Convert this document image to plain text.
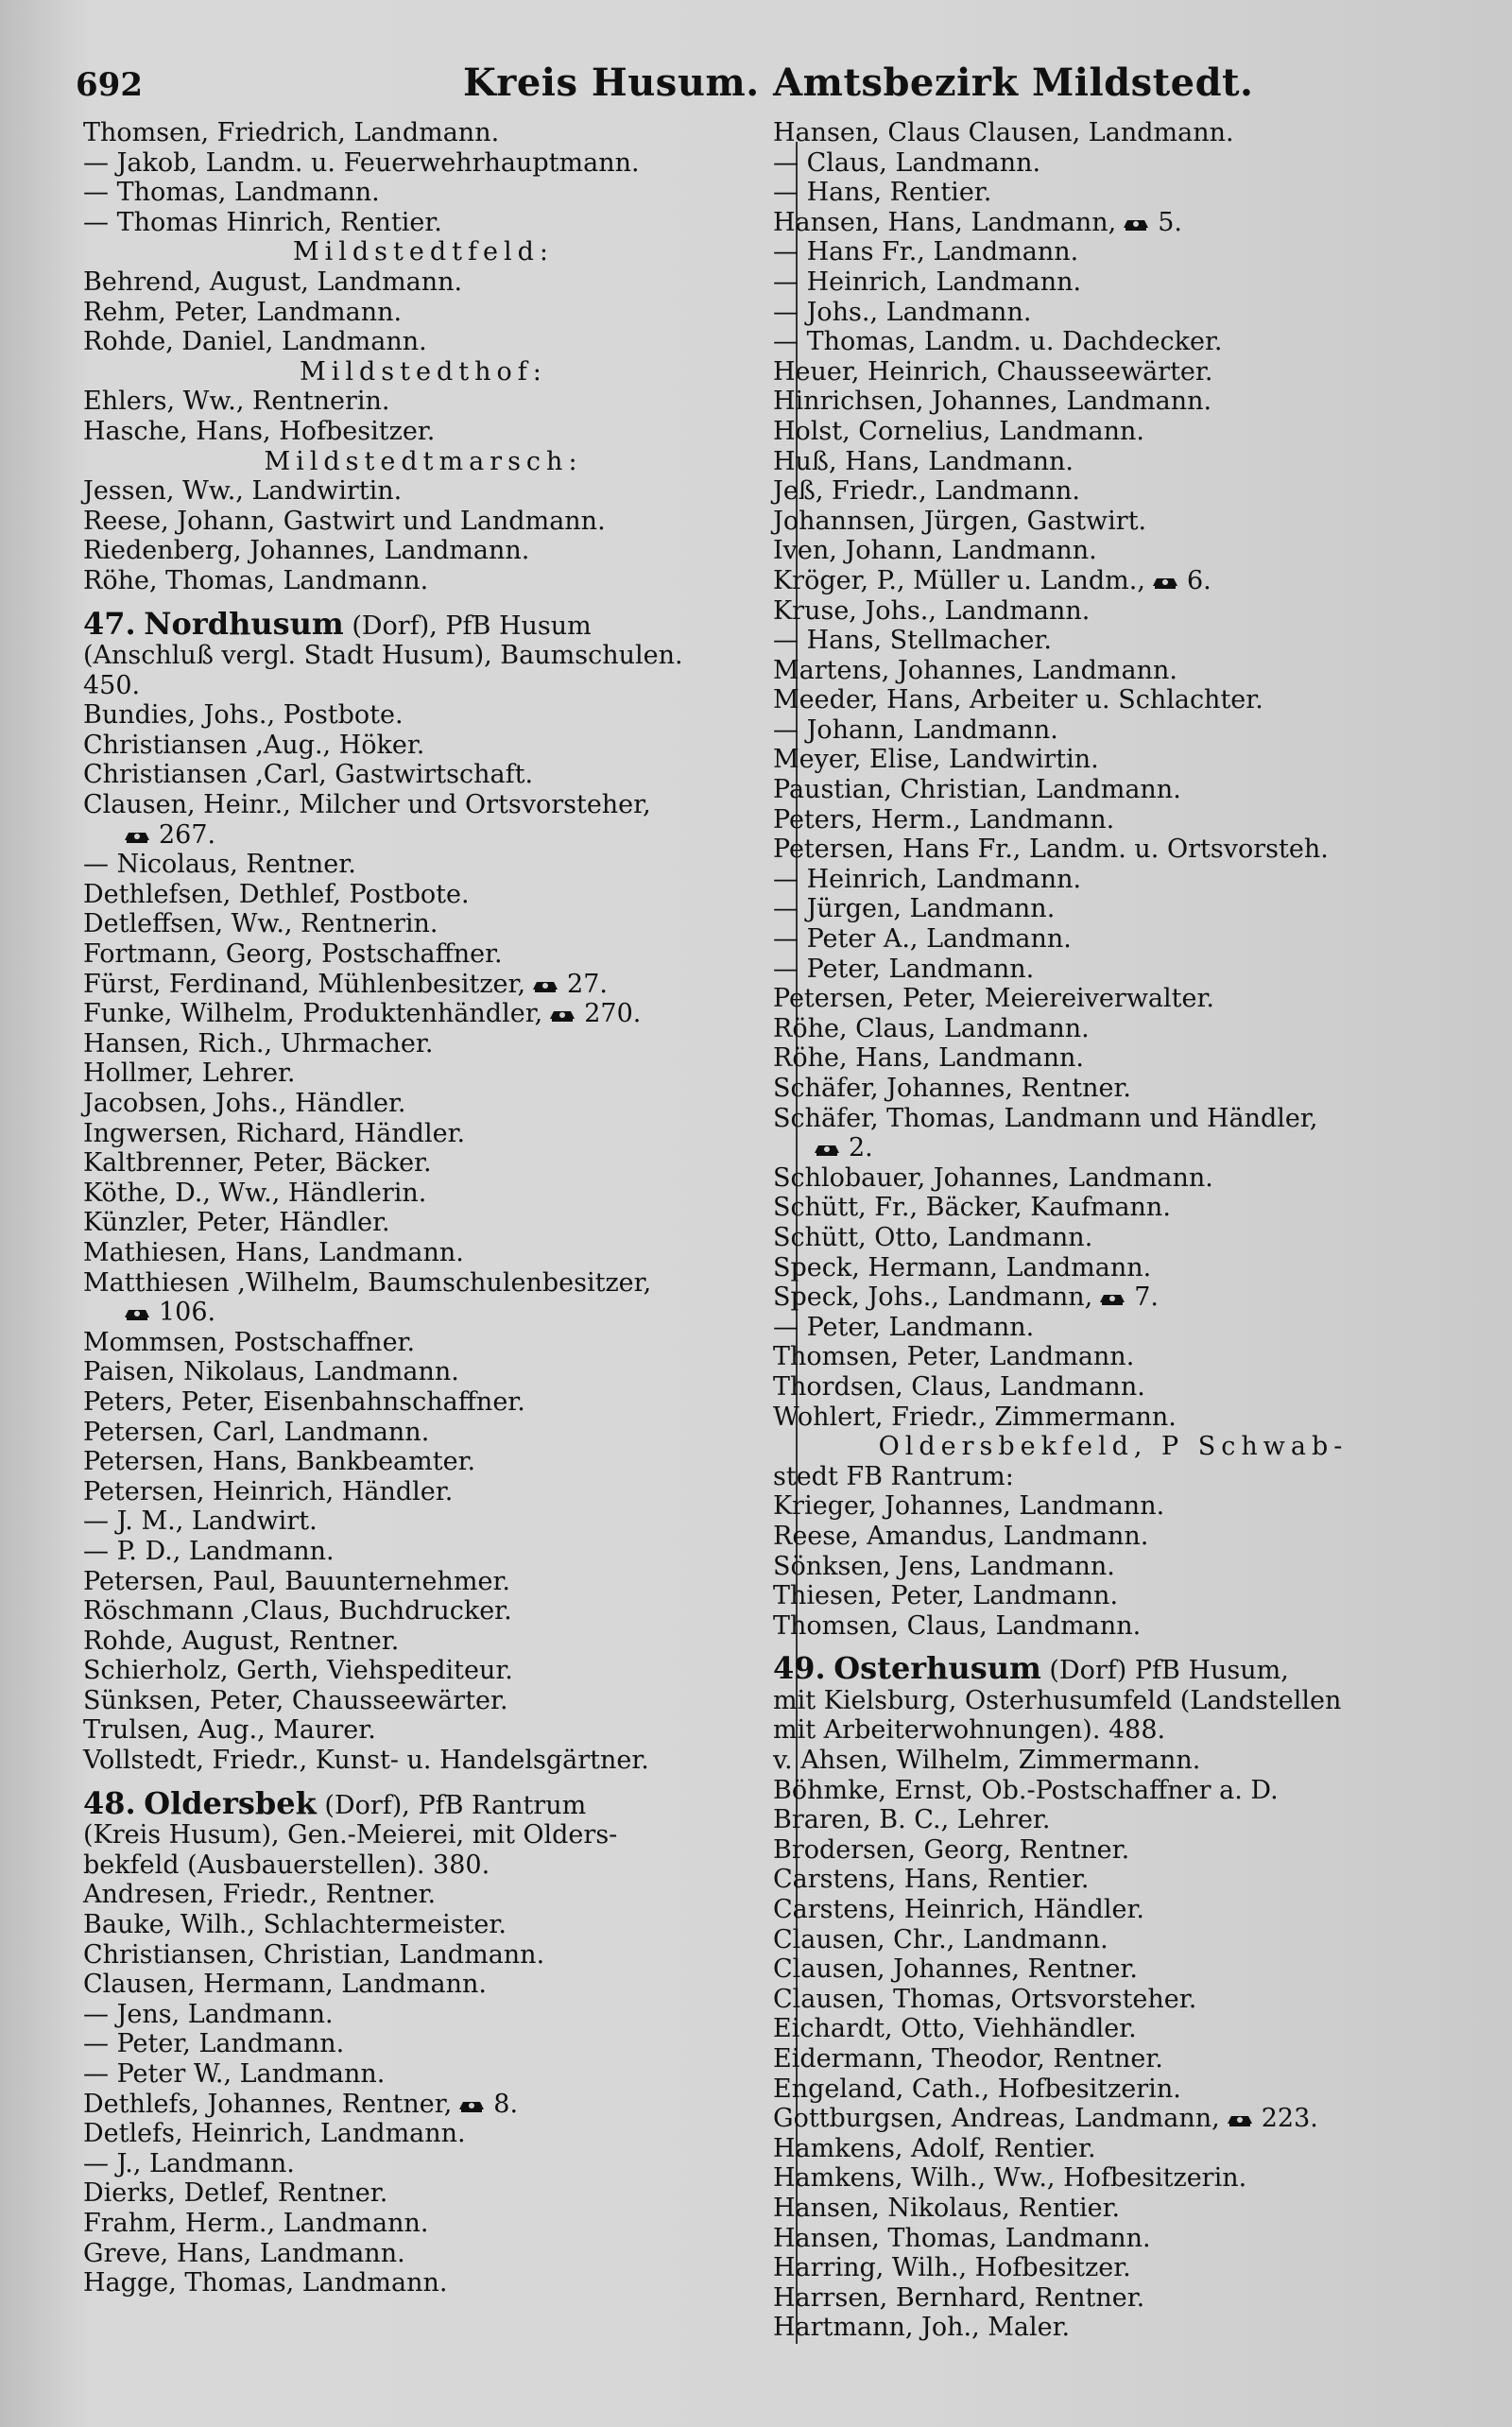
692	Kreis Husum. Amtsbezirk Mildstedt.
Thomsen, Friedrich, Landmann.
— Jakob, Landm. u. Feuerwehrhauptmann.
— Thomas, Landmann.
— Thomas Hinrich, Rentier.
Mildstedtfeld:
Behrend, August, Landmann.
Rehm, Peter, Landmann.
Rohde, Daniel, Landmann.
Mildstedthof:
Ehlers, Ww., Rentnerin.
Hasche, Hans, Hofbesitzer.
Mildstedtmarsch:
Jessen, Ww., Landwirtin.
Reese, Johann, Gastwirt und Landmann.
Riedenberg, Johannes, Landmann.
Röhe, Thomas, Landmann.
47. Nordhusum (Dorf), PfB Husum
(Anschluß vergl. Stadt Husum), Baumschulen.
450.
Bundies, Johs., Postbote.
Christiansen ,Aug., Höker.
Christiansen ,Carl, Gastwirtschaft.
Clausen, Heinr., Milcher und Ortsvorsteher,
267.
— Nicolaus, Rentner.
Dethlefsen, Dethlef, Postbote.
Detleffsen, Ww., Rentnerin.
Fortmann, Georg, Postschaffner.
Fürst, Ferdinand, Mühlenbesitzer, 27.
Funke, Wilhelm, Produktenhändler, 270.
Hansen, Rich., Uhrmacher.
Hollmer, Lehrer.
Jacobsen, Johs., Händler.
Ingwersen, Richard, Händler.
Kaltbrenner, Peter, Bäcker.
Köthe, D., Ww., Händlerin.
Künzler, Peter, Händler.
Mathiesen, Hans, Landmann.
Matthiesen ,Wilhelm, Baumschulenbesitzer,
106.
Mommsen, Postschaffner.
Paisen, Nikolaus, Landmann.
Peters, Peter, Eisenbahnschaffner.
Petersen, Carl, Landmann.
Petersen, Hans, Bankbeamter.
Petersen, Heinrich, Händler.
— J. M., Landwirt.
— P. D., Landmann.
Petersen, Paul, Bauunternehmer.
Röschmann ,Claus, Buchdrucker.
Rohde, August, Rentner.
Schierholz, Gerth, Viehspediteur.
Sünksen, Peter, Chausseewärter.
Trulsen, Aug., Maurer.
Vollstedt, Friedr., Kunst- u. Handelsgärtner.
48. Oldersbek (Dorf), PfB Rantrum
(Kreis Husum), Gen.-Meierei, mit Olders-
bekfeld (Ausbauerstellen). 380.
Andresen, Friedr., Rentner.
Bauke, Wilh., Schlachtermeister.
Christiansen, Christian, Landmann.
Clausen, Hermann, Landmann.
— Jens, Landmann.
— Peter, Landmann.
— Peter W., Landmann.
Dethlefs, Johannes, Rentner, 8.
Detlefs, Heinrich, Landmann.
— J., Landmann.
Dierks, Detlef, Rentner.
Frahm, Herm., Landmann.
Greve, Hans, Landmann.
Hagge, Thomas, Landmann.
Hansen, Claus Clausen, Landmann.
— Claus, Landmann.
— Hans, Rentier.
Hansen, Hans, Landmann, 5.
— Hans Fr., Landmann.
— Heinrich, Landmann.
— Johs., Landmann.
— Thomas, Landm. u. Dachdecker.
Heuer, Heinrich, Chausseewärter.
Hinrichsen, Johannes, Landmann.
Holst, Cornelius, Landmann.
Huß, Hans, Landmann.
Jeß, Friedr., Landmann.
Johannsen, Jürgen, Gastwirt.
Iven, Johann, Landmann.
Kröger, P., Müller u. Landm., 6.
Kruse, Johs., Landmann.
— Hans, Stellmacher.
Martens, Johannes, Landmann.
Meeder, Hans, Arbeiter u. Schlachter.
— Johann, Landmann.
Meyer, Elise, Landwirtin.
Paustian, Christian, Landmann.
Peters, Herm., Landmann.
Petersen, Hans Fr., Landm. u. Ortsvorsteh.
— Heinrich, Landmann.
— Jürgen, Landmann.
— Peter A., Landmann.
— Peter, Landmann.
Petersen, Peter, Meiereiverwalter.
Röhe, Claus, Landmann.
Röhe, Hans, Landmann.
Schäfer, Johannes, Rentner.
Schäfer, Thomas, Landmann und Händler,
2.
Schlobauer, Johannes, Landmann.
Schütt, Fr., Bäcker, Kaufmann.
Schütt, Otto, Landmann.
Speck, Hermann, Landmann.
Speck, Johs., Landmann, 7.
— Peter, Landmann.
Thomsen, Peter, Landmann.
Thordsen, Claus, Landmann.
Wohlert, Friedr., Zimmermann.
Oldersbekfeld, P Schwab-
stedt FB Rantrum:
Krieger, Johannes, Landmann.
Reese, Amandus, Landmann.
Sönksen, Jens, Landmann.
Thiesen, Peter, Landmann.
Thomsen, Claus, Landmann.
49. Osterhusum (Dorf) PfB Husum,
mit Kielsburg, Osterhusumfeld (Landstellen
mit Arbeiterwohnungen). 488.
v. Ahsen, Wilhelm, Zimmermann.
Böhmke, Ernst, Ob.-Postschaffner a. D.
Braren, B. C., Lehrer.
Brodersen, Georg, Rentner.
Carstens, Hans, Rentier.
Carstens, Heinrich, Händler.
Clausen, Chr., Landmann.
Clausen, Johannes, Rentner.
Clausen, Thomas, Ortsvorsteher.
Eichardt, Otto, Viehhändler.
Eidermann, Theodor, Rentner.
Engeland, Cath., Hofbesitzerin.
Gottburgsen, Andreas, Landmann, 223.
Hamkens, Adolf, Rentier.
Hamkens, Wilh., Ww., Hofbesitzerin.
Hansen, Nikolaus, Rentier.
Hansen, Thomas, Landmann.
Harring, Wilh., Hofbesitzer.
Harrsen, Bernhard, Rentner.
Hartmann, Joh., Maler.
